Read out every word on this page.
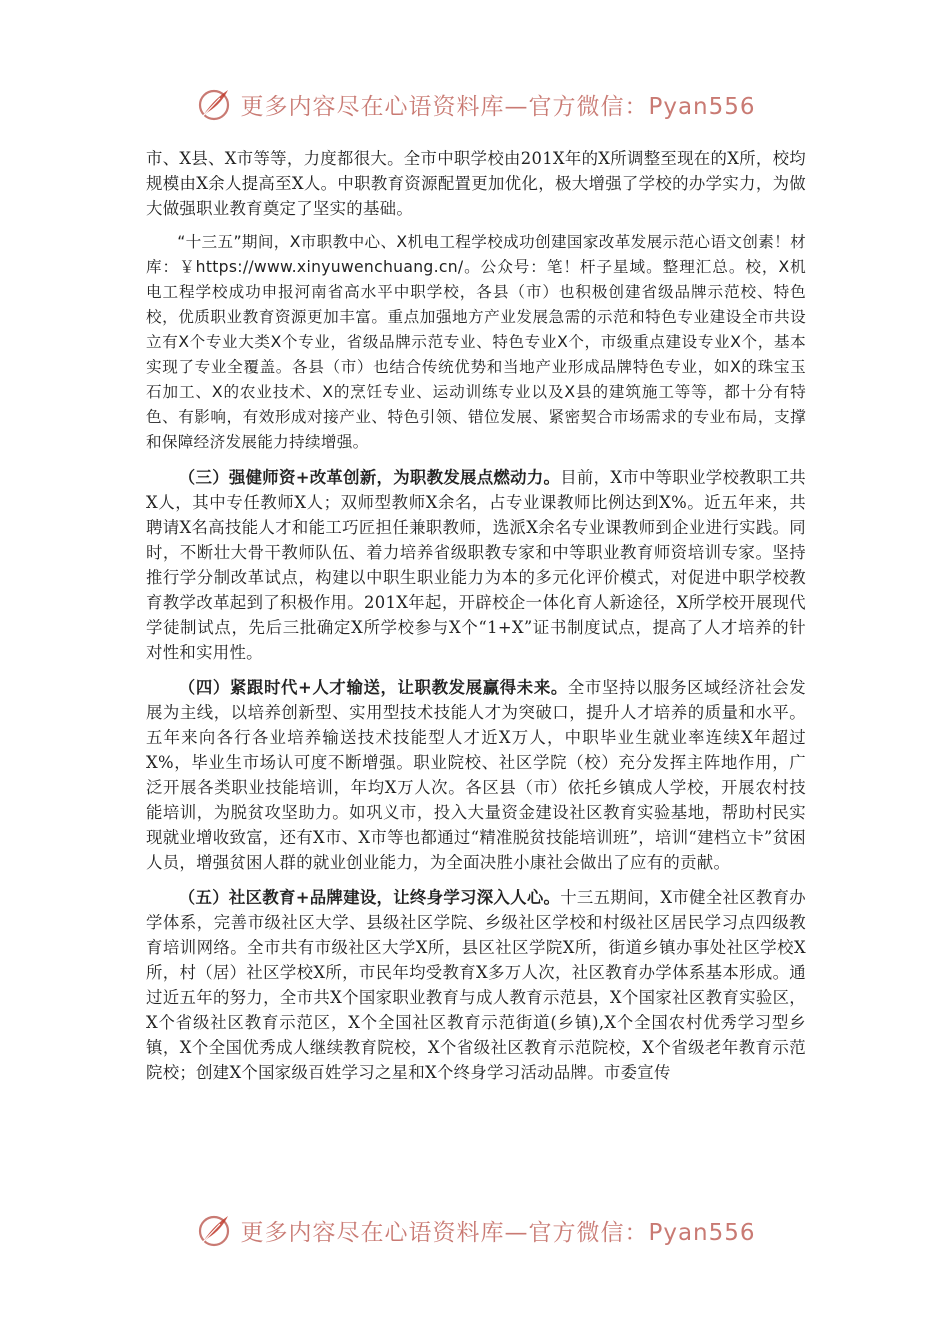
更多内容尽在心语资料库—官方微信：Pyan556

市、X县、X市等等，力度都很大。全市中职学校由201X年的X所调整至现在的X所，校均规模由X余人提高至X人。中职教育资源配置更加优化，极大增强了学校的办学实力，为做大做强职业教育奠定了坚实的基础。

“十三五”期间，X市职教中心、X机电工程学校成功创建国家改革发展示范心语文创素！材库：￥https://www.xinyuwenchuang.cn/。公众号：笔！杆子星域。整理汇总。校，X机电工程学校成功申报河南省高水平中职学校，各县（市）也积极创建省级品牌示范校、特色校，优质职业教育资源更加丰富。重点加强地方产业发展急需的示范和特色专业建设全市共设立有X个专业大类X个专业，省级品牌示范专业、特色专业X个，市级重点建设专业X个，基本实现了专业全覆盖。各县（市）也结合传统优势和当地产业形成品牌特色专业，如X的珠宝玉石加工、X的农业技术、X的烹饪专业、运动训练专业以及X县的建筑施工等等，都十分有特色、有影响，有效形成对接产业、特色引领、错位发展、紧密契合市场需求的专业布局，支撑和保障经济发展能力持续增强。

（三）强健师资+改革创新，为职教发展点燃动力。目前，X市中等职业学校教职工共X人，其中专任教师X人；双师型教师X余名，占专业课教师比例达到X%。近五年来，共聘请X名高技能人才和能工巧匠担任兼职教师，选派X余名专业课教师到企业进行实践。同时，不断壮大骨干教师队伍、着力培养省级职教专家和中等职业教育师资培训专家。坚持推行学分制改革试点，构建以中职生职业能力为本的多元化评价模式，对促进中职学校教育教学改革起到了积极作用。201X年起，开辟校企一体化育人新途径，X所学校开展现代学徒制试点，先后三批确定X所学校参与X个“1+X”证书制度试点，提高了人才培养的针对性和实用性。

（四）紧跟时代+人才输送，让职教发展赢得未来。全市坚持以服务区域经济社会发展为主线，以培养创新型、实用型技术技能人才为突破口，提升人才培养的质量和水平。五年来向各行各业培养输送技术技能型人才近X万人，中职毕业生就业率连续X年超过X%，毕业生市场认可度不断增强。职业院校、社区学院（校）充分发挥主阵地作用，广泛开展各类职业技能培训，年均X万人次。各区县（市）依托乡镇成人学校，开展农村技能培训，为脱贫攻坚助力。如巩义市，投入大量资金建设社区教育实验基地，帮助村民实现就业增收致富，还有X市、X市等也都通过“精准脱贫技能培训班”，培训“建档立卡”贫困人员，增强贫困人群的就业创业能力，为全面决胜小康社会做出了应有的贡献。

（五）社区教育+品牌建设，让终身学习深入人心。十三五期间，X市健全社区教育办学体系，完善市级社区大学、县级社区学院、乡级社区学校和村级社区居民学习点四级教育培训网络。全市共有市级社区大学X所，县区社区学院X所，街道乡镇办事处社区学校X所，村（居）社区学校X所，市民年均受教育X多万人次，社区教育办学体系基本形成。通过近五年的努力，全市共X个国家职业教育与成人教育示范县，X个国家社区教育实验区，X个省级社区教育示范区，X个全国社区教育示范街道(乡镇),X个全国农村优秀学习型乡镇，X个全国优秀成人继续教育院校，X个省级社区教育示范院校，X个省级老年教育示范院校；创建X个国家级百姓学习之星和X个终身学习活动品牌。市委宣传

更多内容尽在心语资料库—官方微信：Pyan556
